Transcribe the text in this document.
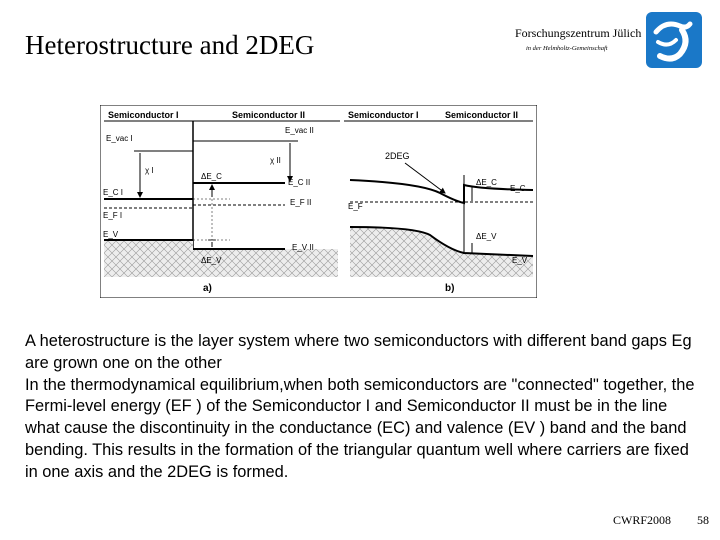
Heterostructure and 2DEG	Forschungszentrum Jülich
in der Helmholtz-Gemeinschaft
Semiconductor I	Semiconductor II
E_vac I
E_vac II
χ I
χ II
ΔE_C
E_C I
E_C II
E_F I
E_F II
E_V
E_V II
ΔE_V
a)
Semiconductor I	Semiconductor II
2DEG
ΔE_C
E_C
E_F
ΔE_V
E_V
b)

A heterostructure is the layer system where two semiconductors with different band gaps Eg are grown one on the other

In the thermodynamical equilibrium,when both semiconductors are "connected" together, the Fermi-level energy (EF ) of the Semiconductor I and Semiconductor II must be in the line what cause the discontinuity in the conductance (EC) and valence (EV ) band and the band bending. This results in the formation of the triangular quantum well where carriers are fixed in one axis and the 2DEG is formed.

CWRF2008 58
